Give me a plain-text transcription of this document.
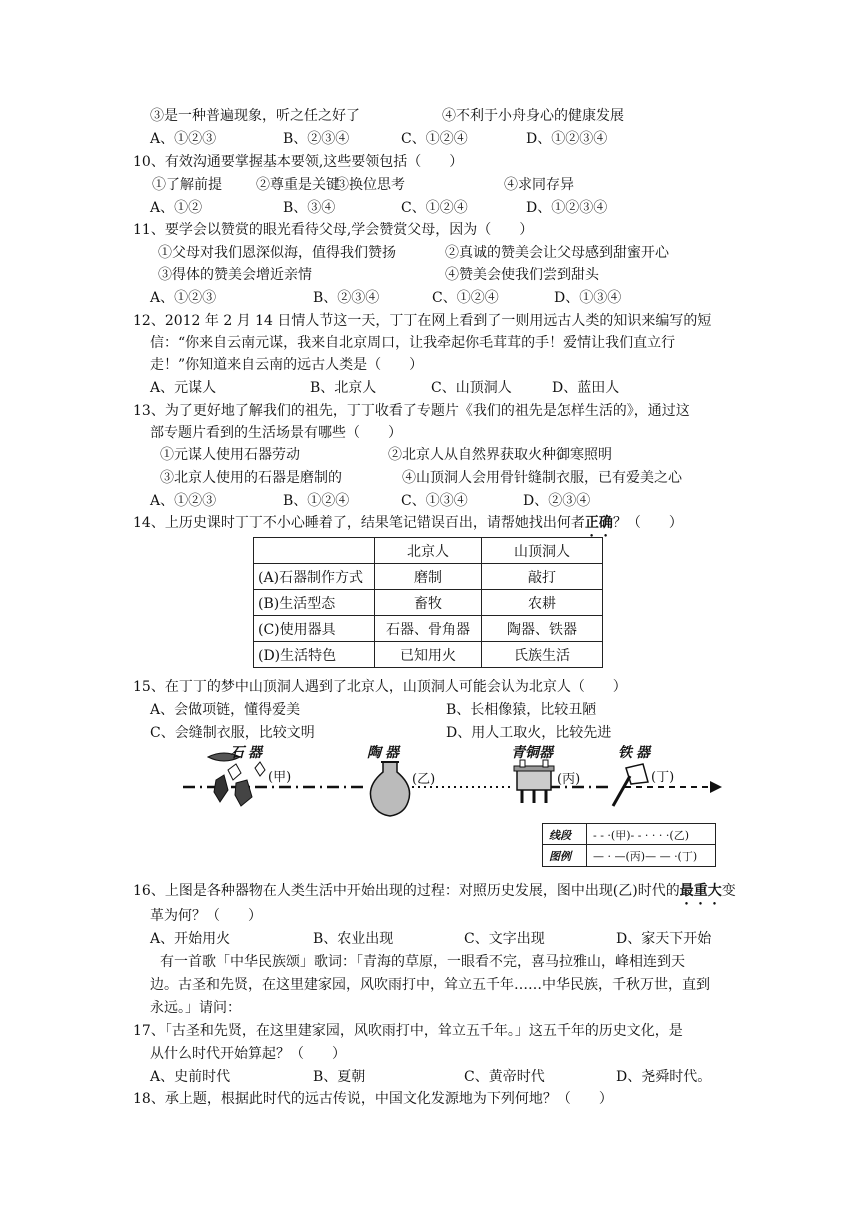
③是一种普遍现象，听之任之好了	④不利于小舟身心的健康发展
A、①②③	B、②③④	C、①②④	D、①②③④
10、有效沟通要掌握基本要领,这些要领包括（　　）
①了解前提 ②尊重是关键
③换位思考	④求同存异
A、①②	B、③④	C、①②④	D、①②③④
11、要学会以赞赏的眼光看待父母,学会赞赏父母，因为（　　）
①父母对我们恩深似海，值得我们赞扬	②真诚的赞美会让父母感到甜蜜开心
③得体的赞美会增近亲情	④赞美会使我们尝到甜头
A、①②③	B、②③④	C、①②④	D、①③④
12、2012 年 2 月 14 日情人节这一天，丁丁在网上看到了一则用远古人类的知识来编写的短
信：“你来自云南元谋，我来自北京周口，让我牵起你毛茸茸的手！爱情让我们直立行
走！”你知道来自云南的远古人类是（　　）
A、元谋人	B、北京人	C、山顶洞人	D、蓝田人
13、为了更好地了解我们的祖先，丁丁收看了专题片《我们的祖先是怎样生活的》，通过这
部专题片看到的生活场景有哪些（　　）
①元谋人使用石器劳动	②北京人从自然界获取火种御寒照明
③北京人使用的石器是磨制的	④山顶洞人会用骨针缝制衣服，已有爱美之心
A、①②③	B、①②④	C、①③④	D、②③④
14、上历史课时丁丁不小心睡着了，结果笔记错误百出，请帮她找出何者正确？（　　）
	北京人	山顶洞人
(A)石器制作方式	磨制	敲打
(B)生活型态	畜牧	农耕
(C)使用器具	石器、骨角器	陶器、铁器
(D)生活特色	已知用火	氏族生活
15、在丁丁的梦中山顶洞人遇到了北京人，山顶洞人可能会认为北京人（　　）
A、会做项链，懂得爱美	B、长相像猿，比较丑陋
C、会缝制衣服，比较文明	D、用人工取火，比较先进
石器	陶器	青铜器	铁器
(甲)	(乙)	(丙)	(丁)
线段
图例
- - ·(甲)- - · · · ·(乙)
— · —(丙)— — ·(丁)
16、上图是各种器物在人类生活中开始出现的过程：对照历史发展，图中出现(乙)时代的最重大变
革为何？（　　）
A、开始用火	B、农业出现	C、文字出现	D、家天下开始
有一首歌「中华民族颂」歌词：「青海的草原，一眼看不完，喜马拉雅山，峰相连到天
边。古圣和先贤，在这里建家园，风吹雨打中，耸立五千年……中华民族，千秋万世，直到
永远。」请问：
17、「古圣和先贤，在这里建家园，风吹雨打中，耸立五千年。」这五千年的历史文化，是
从什么时代开始算起？（　　）
A、史前时代	B、夏朝	C、黄帝时代	D、尧舜时代。
18、承上题，根据此时代的远古传说，中国文化发源地为下列何地？（　　）
